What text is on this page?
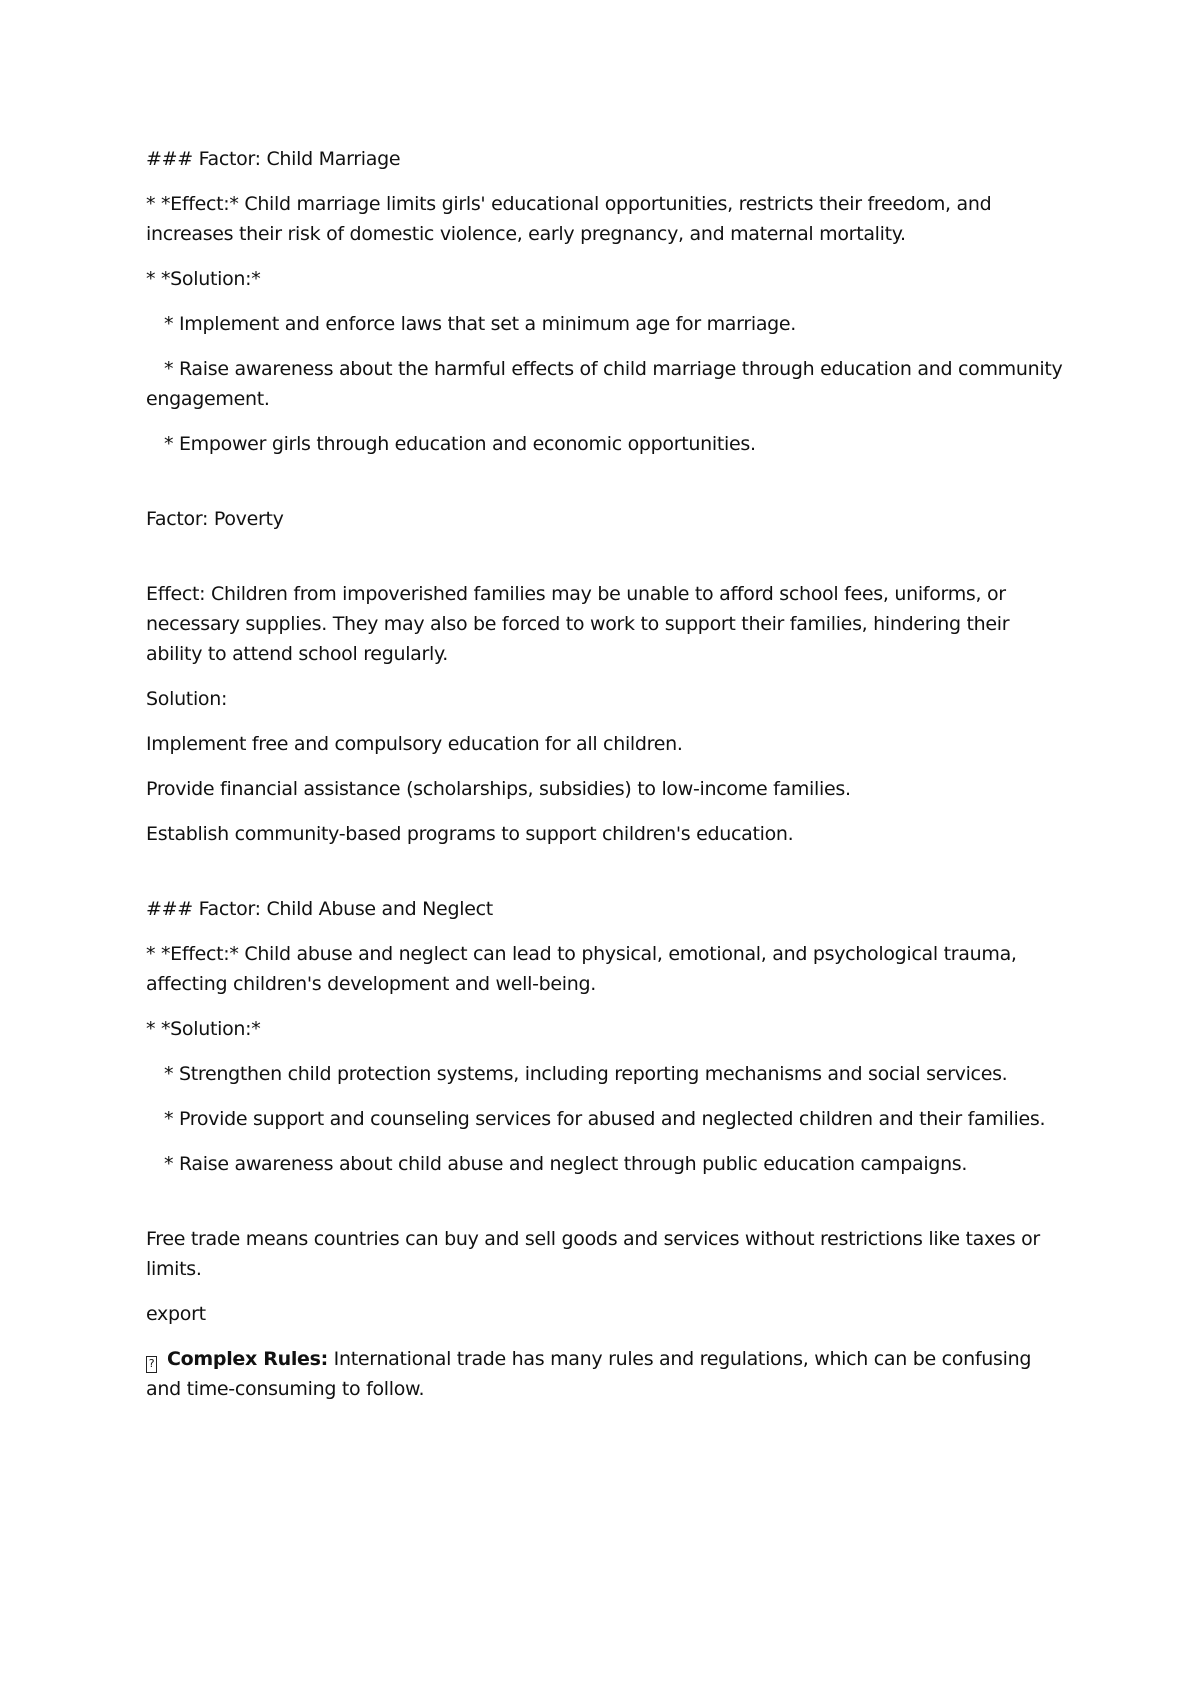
### Factor: Child Marriage

* *Effect:* Child marriage limits girls' educational opportunities, restricts their freedom, and increases their risk of domestic violence, early pregnancy, and maternal mortality.

* *Solution:*

* Implement and enforce laws that set a minimum age for marriage.

* Raise awareness about the harmful effects of child marriage through education and community engagement.

* Empower girls through education and economic opportunities.

Factor: Poverty

Effect: Children from impoverished families may be unable to afford school fees, uniforms, or necessary supplies. They may also be forced to work to support their families, hindering their ability to attend school regularly.

Solution:

Implement free and compulsory education for all children.

Provide financial assistance (scholarships, subsidies) to low-income families.

Establish community-based programs to support children's education.

### Factor: Child Abuse and Neglect

* *Effect:* Child abuse and neglect can lead to physical, emotional, and psychological trauma, affecting children's development and well-being.

* *Solution:*

* Strengthen child protection systems, including reporting mechanisms and social services.

* Provide support and counseling services for abused and neglected children and their families.

* Raise awareness about child abuse and neglect through public education campaigns.

Free trade means countries can buy and sell goods and services without restrictions like taxes or limits.

export

? Complex Rules: International trade has many rules and regulations, which can be confusing and time-consuming to follow.
